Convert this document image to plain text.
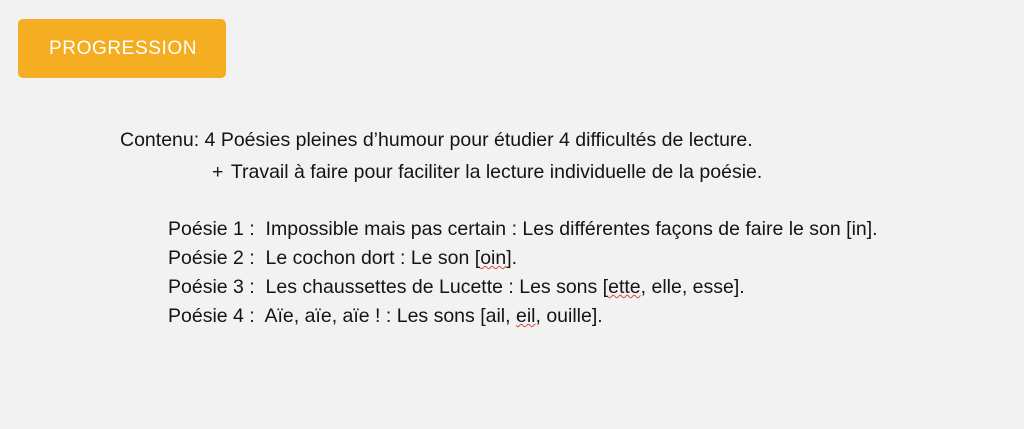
PROGRESSION

Contenu: 4 Poésies pleines d’humour pour étudier 4 difficultés de lecture.

+ Travail à faire pour faciliter la lecture individuelle de la poésie.

Poésie 1 :  Impossible mais pas certain : Les différentes façons de faire le son [in].
Poésie 2 :  Le cochon dort : Le son [oin].
Poésie 3 :  Les chaussettes de Lucette : Les sons [ette, elle, esse].
Poésie 4 :  Aïe, aïe, aïe ! : Les sons [ail, eil, ouille].
